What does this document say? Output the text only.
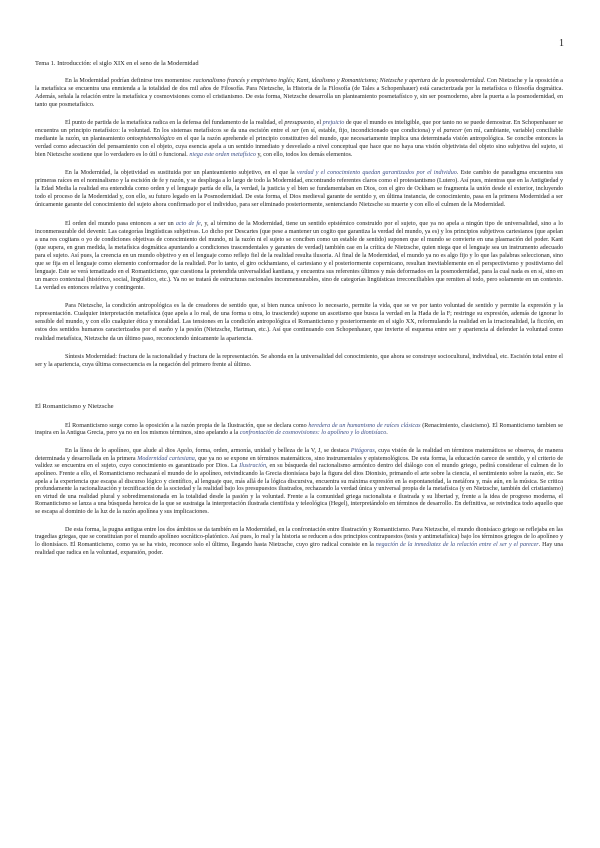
1
Tema 1. Introducción: el siglo XIX en el seno de la Modernidad

En la Modernidad podrían definirse tres momentos: racionalismo francés y empirismo inglés; Kant, idealismo y Romanticismo; Nietzsche y apertura de la posmodernidad. Con Nietzsche y la oposición a la metafísica se encuentra una enmienda a la totalidad de dos mil años de Filosofía. Para Nietzsche, la Historia de la Filosofía (de Tales a Schopenhauer) está caracterizada por la metafísica o filosofía dogmática. Además, señala la relación entre la metafísica y cosmovisiones como el cristianismo. De esta forma, Nietzsche desarrolla un planteamiento posmetafísico y, sin ser posmoderno, abre la puerta a la posmodernidad, en tanto que posmetafísico.

El punto de partida de la metafísica radica en la defensa del fundamento de la realidad, el presupuesto, el prejuicio de que el mundo es inteligible, que por tanto no se puede demostrar. En Schopenhauer se encuentra un principio metafísico: la voluntad. En los sistemas metafísicos se da una escisión entre el ser (en sí, estable, fijo, incondicionado que condiciona) y el parecer (en mí, cambiante, variable) conciliable mediante la razón, un planteamiento ontoepistemológico en el que la razón aprehende el principio constitutivo del mundo, que necesariamente implica una determinada visión antropológica. Se concibe entonces la verdad como adecuación del pensamiento con el objeto, cuya esencia apela a un sentido inmediato y desvelado a nivel conceptual que hace que no haya una visión objetivista del objeto sino subjetiva del sujeto, si bien Nietzsche sostiene que lo verdadero es lo útil o funcional. niega este orden metafísico y, con ello, todos los demás elementos.

En la Modernidad, la objetividad es sustituida por un planteamiento subjetivo, en el que la verdad y el conocimiento quedan garantizados por el individuo. Este cambio de paradigma encuentra sus primeras raíces en el nominalismo y la escisión de fe y razón, y se despliega a lo largo de todo la Modernidad, encontrando referentes claros como el protestantismo (Lutero). Así pues, mientras que en la Antigüedad y la Edad Media la realidad era entendida como orden y el lenguaje partía de ella, la verdad, la justicia y el bien se fundamentaban en Dios, con el giro de Ockham se fragmenta la unión desde el exterior, incluyendo todo el proceso de la Modernidad y, con ello, su futuro legado en la Posmodernidad. De esta forma, el Dios medieval garante de sentido y, en última instancia, de conocimiento, pasa en la primera Modernidad a ser únicamente garante del conocimiento del sujeto ahora confirmado por el individuo, para ser eliminado posteriormente, sentenciando Nietzsche su muerte y con ello el culmen de la Modernidad.

El orden del mundo pasa entonces a ser un acto de fe, y, al término de la Modernidad, tiene un sentido epistémico construido por el sujeto, que ya no apela a ningún tipo de universalidad, sino a lo inconmensurable del devenir. Las categorías lingüísticas subjetivas. Lo dicho por Descartes (que pese a mantener un cogito que garantiza la verdad del mundo, ya es) y los principios subjetivos cartesianos (que apelan a una res cogitans o yo de condiciones objetivas de conocimiento del mundo, ni la razón ni el sujeto se conciben como un estable de sentido) suponen que el mundo se convierte en una plasmación del poder. Kant (que supera, en gran medida, la metafísica dogmática apuntando a condiciones trascendentales y garantes de verdad) también cae en la crítica de Nietzsche, quien niega que el lenguaje sea un instrumento adecuado para el sujeto. Así pues, la creencia en un mundo objetivo y en el lenguaje como reflejo fiel de la realidad resulta ilusoria. Al final de la Modernidad, el mundo ya no es algo fijo y lo que las palabras seleccionan, sino que se fija en el lenguaje como elemento conformador de la realidad. Por lo tanto, el giro ockhamiano, el cartesiano y el posteriormente copernicano, resultan inevitablemente en el perspectivismo y positivismo del lenguaje. Este se verá tematizado en el Romanticismo, que cuestiona la pretendida universalidad kantiana, y encuentra sus referentes últimos y más deformados en la posmodernidad, para la cual nada es en sí, sino en un marco contextual (histórico, social, lingüístico, etc.). Ya no se tratará de estructuras racionales inconmensurables, sino de categorías lingüísticas irreconciliables que remiten al todo, pero solamente en un contexto. La verdad es entonces relativa y contingente.

Para Nietzsche, la condición antropológica es la de creadores de sentido que, si bien nunca unívoco lo necesario, permite la vida, que se ve por tanto voluntad de sentido y permite la expresión y la representación. Cualquier interpretación metafísica (que apela a lo real, de una forma u otra, lo trasciende) supone un ascetismo que busca la verdad en la Hada de la F; restringe su expresión, además de ignorar lo sensible del mundo, y con ello cualquier ética y moralidad. Las tensiones en la condición antropológica el Romanticismo y posteriormente en el siglo XX, reformulando la realidad en la irracionalidad, la ficción, en estos dos sentidos humanos caracterizados por el sueño y la pesión (Nietzsche, Hartman, etc.). Así que continuando con Schopenhauer, que invierte el esquema entre ser y apariencia al defender la voluntad como realidad metafísica, Nietzsche da un último paso, reconociendo únicamente la apariencia.

Síntesis Modernidad: fractura de la racionalidad y fractura de la representación. Se ahonda en la universalidad del conocimiento, que ahora se construye sociocultural, individual, etc. Escisión total entre el ser y la apariencia, cuya última consecuencia es la negación del primero frente al último.

El Romanticismo y Nietzsche

El Romanticismo surge como la oposición a la razón propia de la Ilustración, que se declara como heredera de un humanismo de raíces clásicas (Renacimiento, clasicismo). El Romanticismo tambien se inspira en la Antigua Grecia, pero ya no en los mismos términos, sino apelando a la confrontación de cosmovisiones: lo apolíneo y lo dionisíaco.

En la línea de lo apolíneo, que alude al dios Apolo, forma, orden, armonía, unidad y belleza de la V, J, se destaca Pitágoras, cuya visión de la realidad en términos matemáticos se observa, de manera determinada y desarrollada en la primera Modernidad cartesiana, que ya no se expone en términos matemáticos, sino instrumentales y epistemológicos. De esta forma, la educación carece de sentido, y el criterio de validez se encuentra en el sujeto, cuyo conocimiento es garantizado por Dios. La Ilustración, en su búsqueda del racionalismo armónico dentro del diálogo con el mundo griego, pedirá considerar el culmen de lo apolíneo. Frente a ello, el Romanticismo rechazará el mundo de lo apolíneo, reivindicando la Grecia dionisíaca bajo la figura del dios Dionisio, primando el arte sobre la ciencia, el sentimiento sobre la razón, etc. Se apela a la experiencia que escapa al discurso lógico y científico, al lenguaje que, más allá de la lógica discursiva, encuentra su máxima expresión en la espontaneidad, la metáfora y, más aún, en la música. Se critica profundamente la racionalización y tecnificación de la sociedad y la realidad bajo los presupuestos ilustrados, rechazando la verdad única y universal propia de la metafísica (y en Nietzsche, también del cristianismo) en virtud de una realidad plural y sobredimensionada en la totalidad desde la pasión y la voluntad. Frente a la comunidad griega racionalista e ilustrada y su libertad y, frente a la idea de progreso moderna, el Romanticismo se lanza a una búsqueda heroica de la que se sustraiga la interpretación ilustrada cientifista y teleológica (Hegel), interpretándolo en términos de desarrollo. En definitiva, se reivindica todo aquello que se escapa al dominio de la luz de la razón apolínea y sus implicaciones.

De esta forma, la pugna antigua entre los dos ámbitos se da también en la Modernidad, en la confrontación entre Ilustración y Romanticismo. Para Nietzsche, el mundo dionisíaco griego se reflejaba en las tragedias griegas, que se constituían por el mundo apolíneo socrático-platónico. Así pues, lo real y la historia se reducen a dos principios contrapuestos (tesis y antimetafísica) bajo los términos griegos de lo apolíneo y lo dionisíaco. El Romanticismo, como ya se ha visto, reconoce solo el último, llegando hasta Nietzsche, cuyo giro radical consiste en la negación de la inmediatez de la relación entre el ser y el parecer. Hay una realidad que radica en la voluntad, expansión, poder.
